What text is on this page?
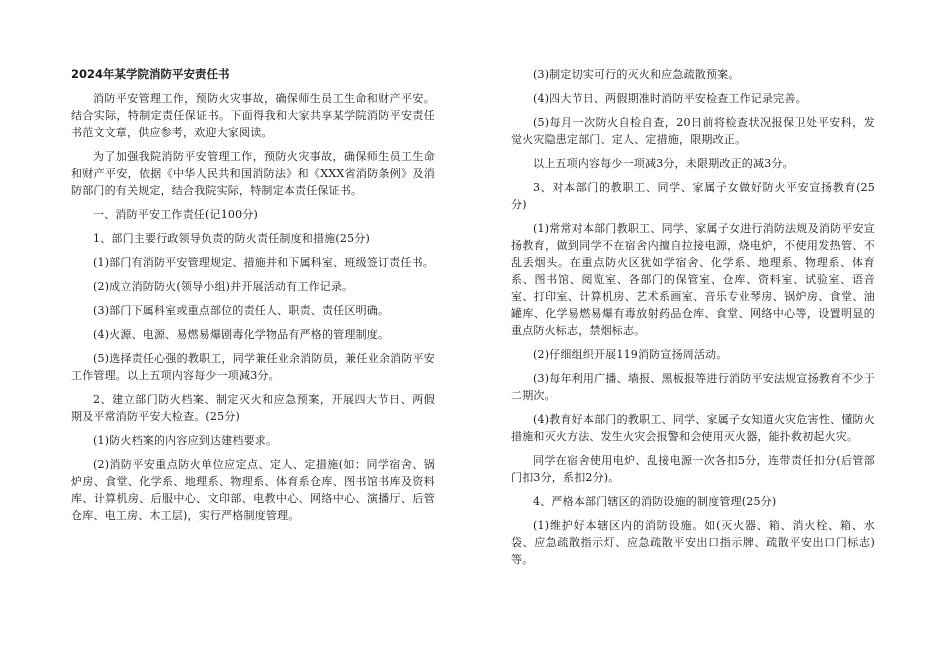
2024年某学院消防平安责任书

消防平安管理工作，预防火灾事故，确保师生员工生命和财产平安。结合实际，特制定责任保证书。下面得我和大家共享某学院消防平安责任书范文文章，供应参考，欢迎大家阅读。

为了加强我院消防平安管理工作，预防火灾事故，确保师生员工生命和财产平安，依据《中华人民共和国消防法》和《XXX省消防条例》及消防部门的有关规定，结合我院实际，特制定本责任保证书。

一、消防平安工作责任(记100分)

1、部门主要行政领导负责的防火责任制度和措施(25分)

(1)部门有消防平安管理规定、措施并和下属科室、班级签订责任书。

(2)成立消防防火(领导小组)并开展活动有工作记录。

(3)部门下属科室或重点部位的责任人、职责、责任区明确。

(4)火源、电源、易燃易爆剧毒化学物品有严格的管理制度。

(5)选择责任心强的教职工，同学兼任业余消防员，兼任业余消防平安工作管理。以上五项内容每少一项减3分。

2、建立部门防火档案、制定灭火和应急预案，开展四大节日、两假期及平常消防平安大检查。(25分)

(1)防火档案的内容应到达建档要求。

(2)消防平安重点防火单位应定点、定人、定措施(如：同学宿舍、锅炉房、食堂、化学系、地理系、物理系、体育系仓库、图书馆书库及资料库、计算机房、后服中心、文印部、电教中心、网络中心、演播厅、后管仓库、电工房、木工层)，实行严格制度管理。

(3)制定切实可行的灭火和应急疏散预案。

(4)四大节日、两假期准时消防平安检查工作记录完善。

(5)每月一次防火自检自查，20日前将检查状况报保卫处平安科，发觉火灾隐患定部门、定人、定措施，限期改正。

以上五项内容每少一项减3分，未限期改正的减3分。

3、对本部门的教职工、同学、家属子女做好防火平安宣扬教育(25分)

(1)常常对本部门教职工、同学、家属子女进行消防法规及消防平安宣扬教育，做到同学不在宿舍内擅自拉接电源，烧电炉，不使用发热管、不乱丢烟头。在重点防火区犹如学宿舍、化学系、地理系、物理系、体育系、图书馆、阅览室、各部门的保管室、仓库、资料室、试验室、语音室、打印室、计算机房、艺术系画室、音乐专业琴房、锅炉房、食堂、油罐库、化学易燃易爆有毒放射药品仓库、食堂、网络中心等，设置明显的重点防火标志，禁烟标志。

(2)仔细组织开展119消防宣扬周活动。

(3)每年利用广播、墙报、黑板报等进行消防平安法规宣扬教育不少于二期次。

(4)教育好本部门的教职工、同学、家属子女知道火灾危害性、懂防火措施和灭火方法、发生火灾会报警和会使用灭火器，能扑救初起火灾。

同学在宿舍使用电炉、乱接电源一次各扣5分，连带责任扣分(后管部门扣3分，系扣2分)。

4、严格本部门辖区的消防设施的制度管理(25分)

(1)维护好本辖区内的消防设施。如(灭火器、箱、消火栓、箱、水袋、应急疏散指示灯、应急疏散平安出口指示牌、疏散平安出口门标志)等。
